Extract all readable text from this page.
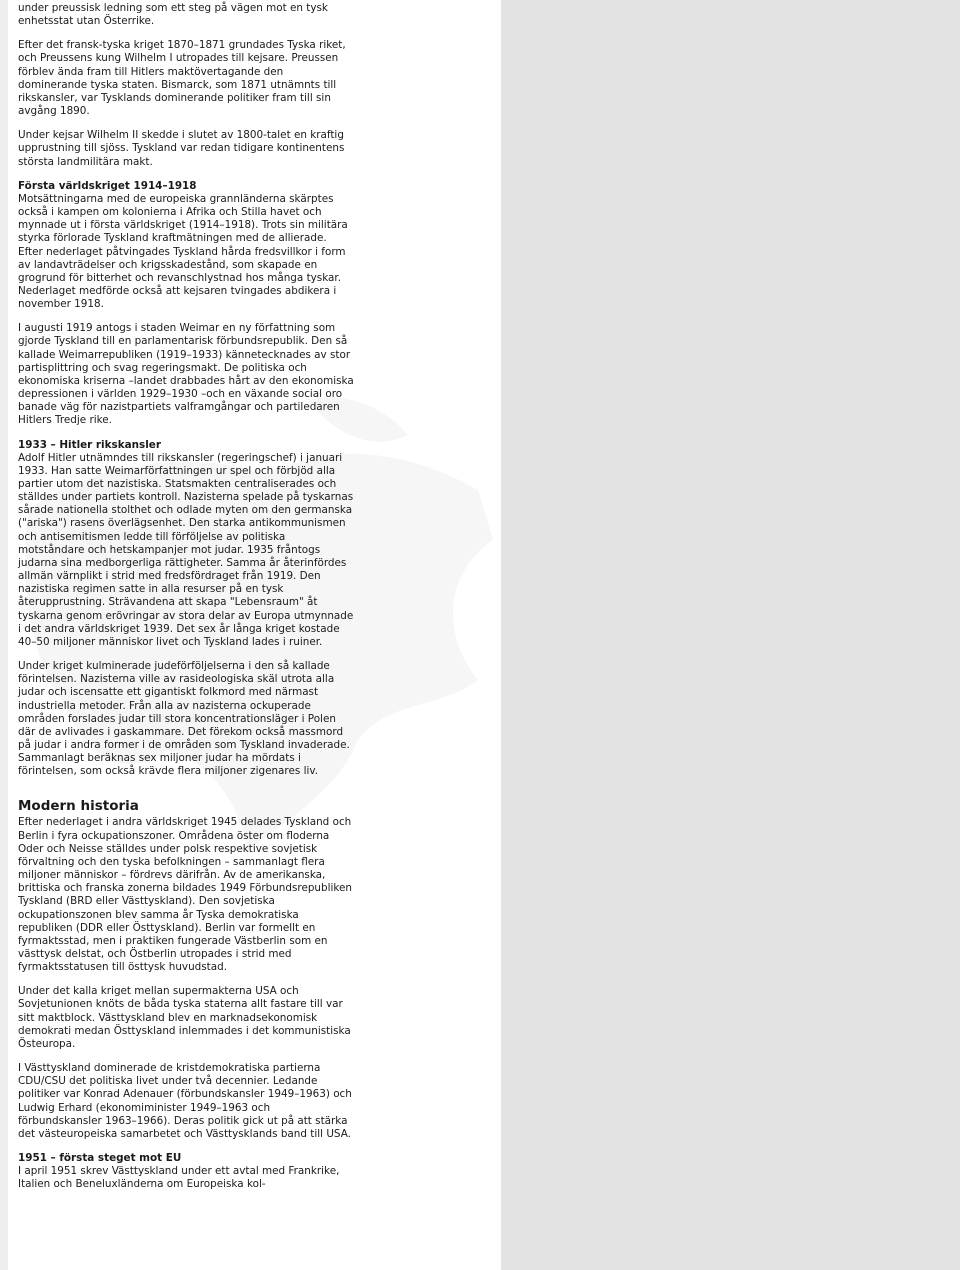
under preussisk ledning som ett steg på vägen mot en tysk enhetsstat utan Österrike.

Efter det fransk-tyska kriget 1870–1871 grundades Tyska riket, och Preussens kung Wilhelm I utropades till kejsare. Preussen förblev ända fram till Hitlers maktövertagande den dominerande tyska staten. Bismarck, som 1871 utnämnts till rikskansler, var Tysklands dominerande politiker fram till sin avgång 1890.

Under kejsar Wilhelm II skedde i slutet av 1800-talet en kraftig upprustning till sjöss. Tyskland var redan tidigare kontinentens största landmilitära makt.

Första världskriget 1914–1918

Motsättningarna med de europeiska grannländerna skärptes också i kampen om kolonierna i Afrika och Stilla havet och mynnade ut i första världskriget (1914–1918). Trots sin militära styrka förlorade Tyskland kraftmätningen med de allierade. Efter nederlaget påtvingades Tyskland hårda fredsvillkor i form av landavträdelser och krigsskadestånd, som skapade en grogrund för bitterhet och revanschlystnad hos många tyskar. Nederlaget medförde också att kejsaren tvingades abdikera i november 1918.

I augusti 1919 antogs i staden Weimar en ny författning som gjorde Tyskland till en parlamentarisk förbundsrepublik. Den så kallade Weimarrepubliken (1919–1933) kännetecknades av stor partisplittring och svag regeringsmakt. De politiska och ekonomiska kriserna –landet drabbades hårt av den ekonomiska depressionen i världen 1929–1930 –och en växande social oro banade väg för nazistpartiets valframgångar och partiledaren Hitlers Tredje rike.

1933 – Hitler rikskansler

Adolf Hitler utnämndes till rikskansler (regeringschef) i januari 1933. Han satte Weimarförfattningen ur spel och förbjöd alla partier utom det nazistiska. Statsmakten centraliserades och ställdes under partiets kontroll. Nazisterna spelade på tyskarnas sårade nationella stolthet och odlade myten om den germanska ("ariska") rasens överlägsenhet. Den starka antikommunismen och antisemitismen ledde till förföljelse av politiska motståndare och hetskampanjer mot judar. 1935 fråntogs judarna sina medborgerliga rättigheter. Samma år återinfördes allmän värnplikt i strid med fredsfördraget från 1919. Den nazistiska regimen satte in alla resurser på en tysk återupprustning. Strävandena att skapa "Lebensraum" åt tyskarna genom erövringar av stora delar av Europa utmynnade i det andra världskriget 1939. Det sex år långa kriget kostade 40–50 miljoner människor livet och Tyskland lades i ruiner.

Under kriget kulminerade judeförföljelserna i den så kallade förintelsen. Nazisterna ville av rasideologiska skäl utrota alla judar och iscensatte ett gigantiskt folkmord med närmast industriella metoder. Från alla av nazisterna ockuperade områden forslades judar till stora koncentrationsläger i Polen där de avlivades i gaskammare. Det förekom också massmord på judar i andra former i de områden som Tyskland invaderade. Sammanlagt beräknas sex miljoner judar ha mördats i förintelsen, som också krävde flera miljoner zigenares liv.

Modern historia

Efter nederlaget i andra världskriget 1945 delades Tyskland och Berlin i fyra ockupationszoner. Områdena öster om floderna Oder och Neisse ställdes under polsk respektive sovjetisk förvaltning och den tyska befolkningen – sammanlagt flera miljoner människor – fördrevs därifrån. Av de amerikanska, brittiska och franska zonerna bildades 1949 Förbundsrepubliken Tyskland (BRD eller Västtyskland). Den sovjetiska ockupationszonen blev samma år Tyska demokratiska republiken (DDR eller Östtyskland). Berlin var formellt en fyrmaktsstad, men i praktiken fungerade Västberlin som en västtysk delstat, och Östberlin utropades i strid med fyrmaktsstatusen till östtysk huvudstad.

Under det kalla kriget mellan supermakterna USA och Sovjetunionen knöts de båda tyska staterna allt fastare till var sitt maktblock. Västtyskland blev en marknadsekonomisk demokrati medan Östtyskland inlemmades i det kommunistiska Östeuropa.

I Västtyskland dominerade de kristdemokratiska partierna CDU/CSU det politiska livet under två decennier. Ledande politiker var Konrad Adenauer (förbundskansler 1949–1963) och Ludwig Erhard (ekonomiminister 1949–1963 och förbundskansler 1963–1966). Deras politik gick ut på att stärka det västeuropeiska samarbetet och Västtysklands band till USA.

1951 – första steget mot EU

I april 1951 skrev Västtyskland under ett avtal med Frankrike, Italien och Beneluxländerna om Europeiska kol-
